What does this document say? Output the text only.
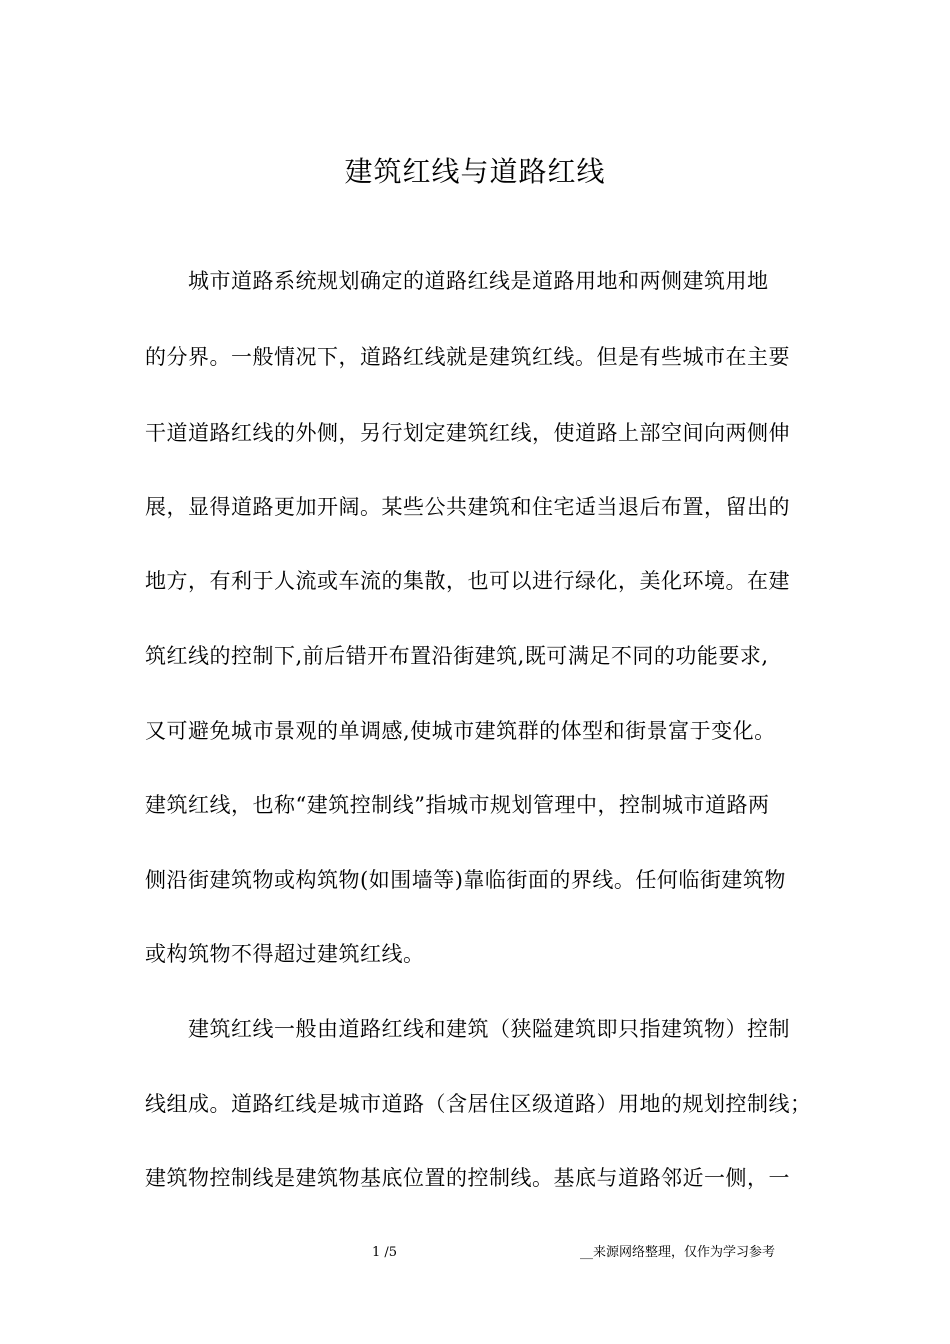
建筑红线与道路红线
城市道路系统规划确定的道路红线是道路用地和两侧建筑用地
的分界。一般情况下，道路红线就是建筑红线。但是有些城市在主要
干道道路红线的外侧，另行划定建筑红线，使道路上部空间向两侧伸
展，显得道路更加开阔。某些公共建筑和住宅适当退后布置，留出的
地方，有利于人流或车流的集散，也可以进行绿化，美化环境。在建
筑红线的控制下,前后错开布置沿街建筑,既可满足不同的功能要求,
又可避免城市景观的单调感,使城市建筑群的体型和街景富于变化。
建筑红线，也称“建筑控制线”指城市规划管理中，控制城市道路两
侧沿街建筑物或构筑物(如围墙等)靠临街面的界线。任何临街建筑物
或构筑物不得超过建筑红线。
建筑红线一般由道路红线和建筑（狭隘建筑即只指建筑物）控制
线组成。道路红线是城市道路（含居住区级道路）用地的规划控制线；
建筑物控制线是建筑物基底位置的控制线。基底与道路邻近一侧，一
1 /5	__来源网络整理，仅作为学习参考
